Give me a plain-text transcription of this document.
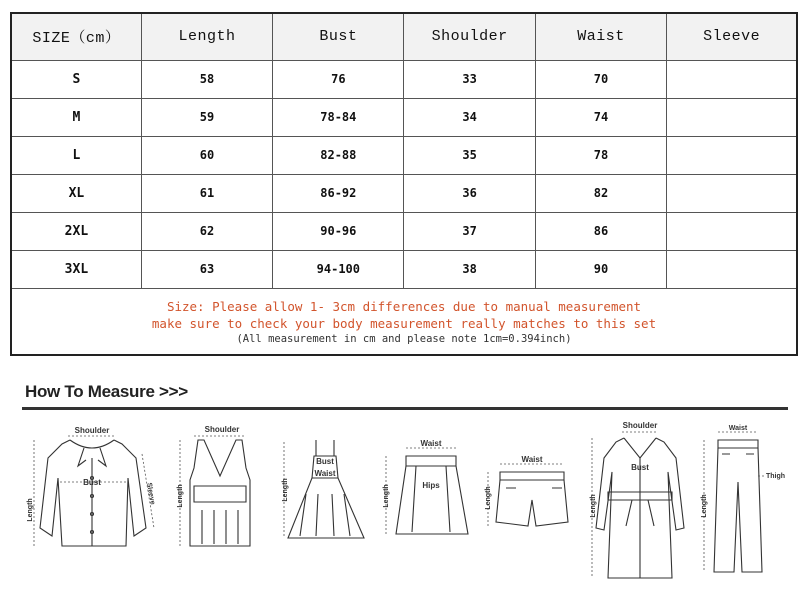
SIZE（cm）	Length	Bust	Shoulder	Waist	Sleeve
S	58	76	33	70	
M	59	78-84	34	74	
L	60	82-88	35	78	
XL	61	86-92	36	82	
2XL	62	90-96	37	86	
3XL	63	94-100	38	90	

Size: Please allow 1- 3cm differences due to manual measurement
make sure to check your body measurement really matches to this set
(All measurement in cm and please note 1cm=0.394inch)					
How To Measure >>>
Shoulder
Bust
Length
Sleeve
Shoulder
Length
Bust
Waist
Length
Waist
Hips
Length
Waist
Length
Shoulder
Bust
Length
Waist
Thigh
Length
